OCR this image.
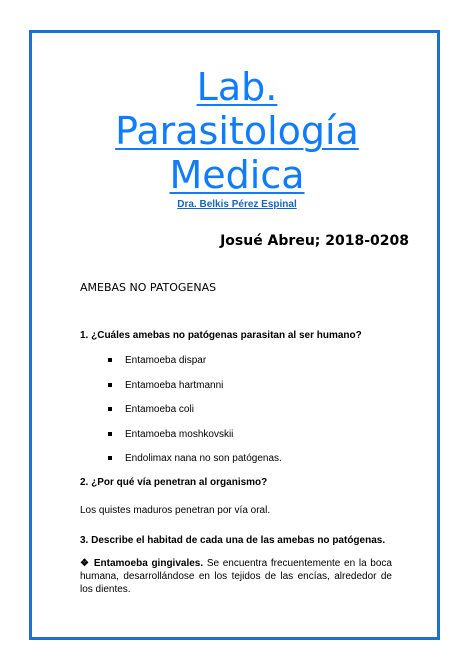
Lab.
Parasitología
Medica
Dra. Belkis Pérez Espinal
Josué Abreu; 2018-0208
AMEBAS NO PATOGENAS
1. ¿Cuáles amebas no patógenas parasitan al ser humano?
Entamoeba dispar
Entamoeba hartmanni
Entamoeba coli
Entamoeba moshkovskii
Endolimax nana no son patógenas.
2. ¿Por qué vía penetran al organismo?
Los quistes maduros penetran por vía oral.
3. Describe el habitad de cada una de las amebas no patógenas.
❖ Entamoeba gingivales. Se encuentra frecuentemente en la boca humana, desarrollándose en los tejidos de las encías, alrededor de los dientes.
